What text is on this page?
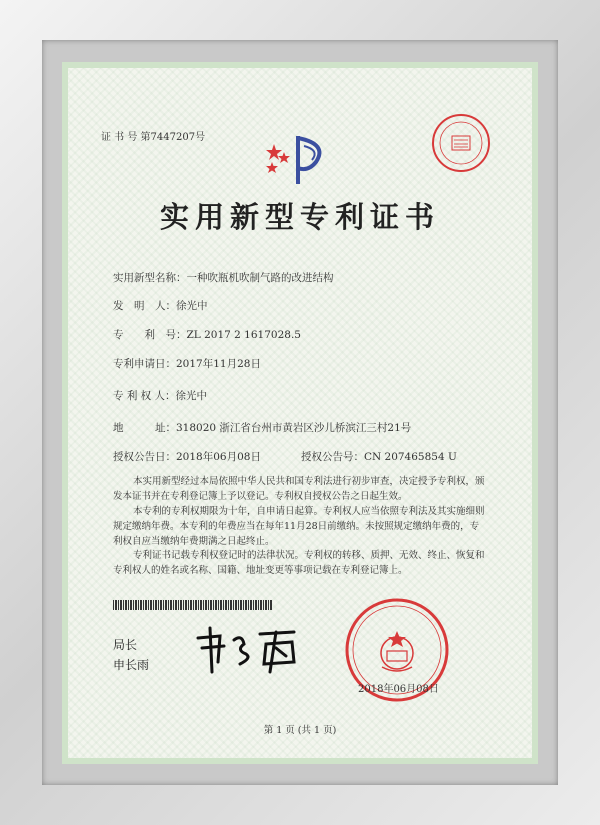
证 书 号 第7447207号
实用新型专利证书
实用新型名称：一种吹瓶机吹制气路的改进结构
发　明　人：徐光中
专　　利　号：ZL 2017 2 1617028.5
专利申请日：2017年11月28日
专 利 权 人：徐光中
地　　　址：318020 浙江省台州市黄岩区沙儿桥滨江三村21号
授权公告日：2018年06月08日	授权公告号：CN 207465854 U
本实用新型经过本局依照中华人民共和国专利法进行初步审查，决定授予专利权，颁发本证书并在专利登记簿上予以登记。专利权自授权公告之日起生效。
本专利的专利权期限为十年，自申请日起算。专利权人应当依照专利法及其实施细则规定缴纳年费。本专利的年费应当在每年11月28日前缴纳。未按照规定缴纳年费的，专利权自应当缴纳年费期满之日起终止。
专利证书记载专利权登记时的法律状况。专利权的转移、质押、无效、终止、恢复和专利权人的姓名或名称、国籍、地址变更等事项记载在专利登记簿上。
局长
申长雨
2018年06月08日
第 1 页 (共 1 页)
